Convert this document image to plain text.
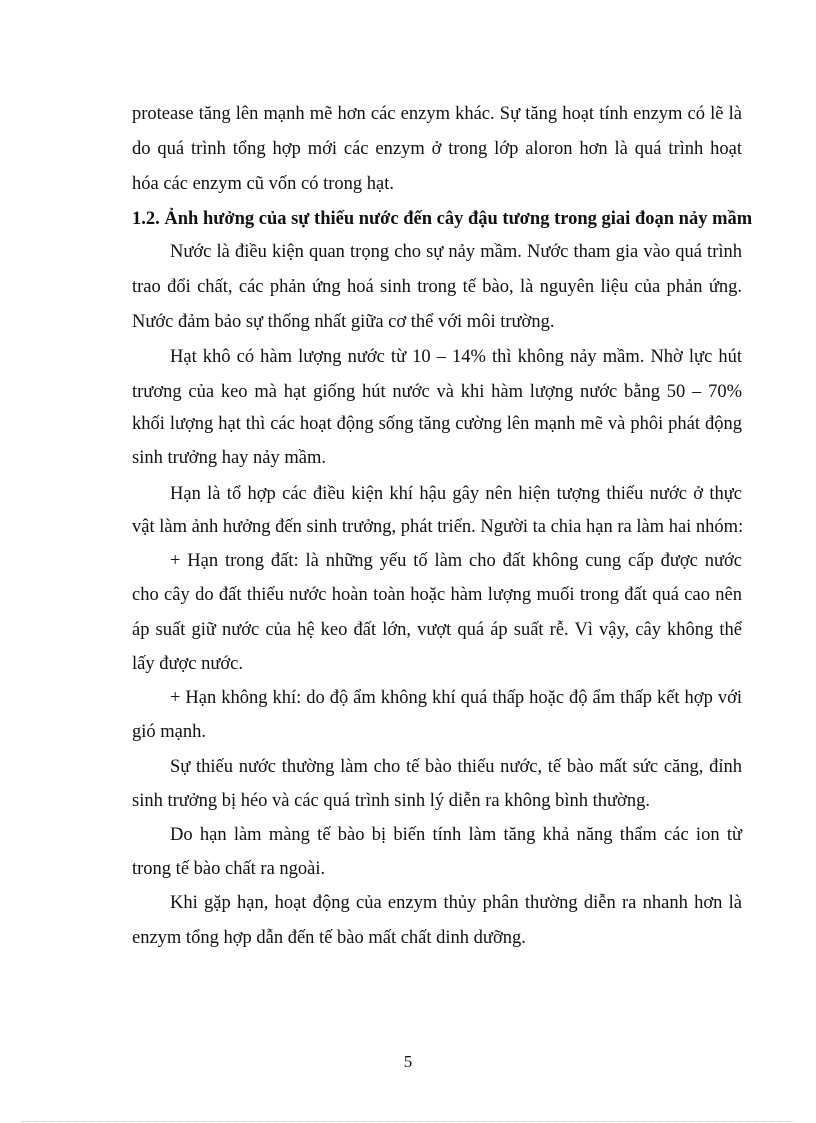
protease tăng lên mạnh mẽ hơn các enzym khác. Sự tăng hoạt tính enzym có lẽ là
do quá trình tổng hợp mới các enzym ở trong lớp aloron hơn là quá trình hoạt
hóa các enzym cũ vốn có trong hạt.
1.2. Ảnh hưởng của sự thiếu nước đến cây đậu tương trong giai đoạn nảy mầm
Nước là điều kiện quan trọng cho sự nảy mầm. Nước tham gia vào quá trình
trao đổi chất, các phản ứng hoá sinh trong tế bào, là nguyên liệu của phản ứng.
Nước đảm bảo sự thống nhất giữa cơ thể với môi trường.
Hạt khô có hàm lượng nước từ 10 – 14% thì không nảy mầm. Nhờ lực hút
trương của keo mà hạt giống hút nước và khi hàm lượng nước bằng 50 – 70%
khối lượng hạt thì các hoạt động sống tăng cường lên mạnh mẽ và phôi phát động
sinh trưởng hay nảy mầm.
Hạn là tổ hợp các điều kiện khí hậu gây nên hiện tượng thiếu nước ở thực
vật làm ảnh hưởng đến sinh trưởng, phát triển. Người ta chia hạn ra làm hai nhóm:
+ Hạn trong đất: là những yếu tố làm cho đất không cung cấp được nước
cho cây do đất thiếu nước hoàn toàn hoặc hàm lượng muối trong đất quá cao nên
áp suất giữ nước của hệ keo đất lớn, vượt quá áp suất rễ. Vì vậy, cây không thể
lấy được nước.
+ Hạn không khí: do độ ẩm không khí quá thấp hoặc độ ẩm thấp kết hợp với
gió mạnh.
Sự thiếu nước thường làm cho tế bào thiếu nước, tế bào mất sức căng, đỉnh
sinh trưởng bị héo và các quá trình sinh lý diễn ra không bình thường.
Do hạn làm màng tế bào bị biến tính làm tăng khả năng thẩm các ion từ
trong tế bào chất ra ngoài.
Khi gặp hạn, hoạt động của enzym thủy phân thường diễn ra nhanh hơn là
enzym tổng hợp dẫn đến tế bào mất chất dinh dưỡng.
5
